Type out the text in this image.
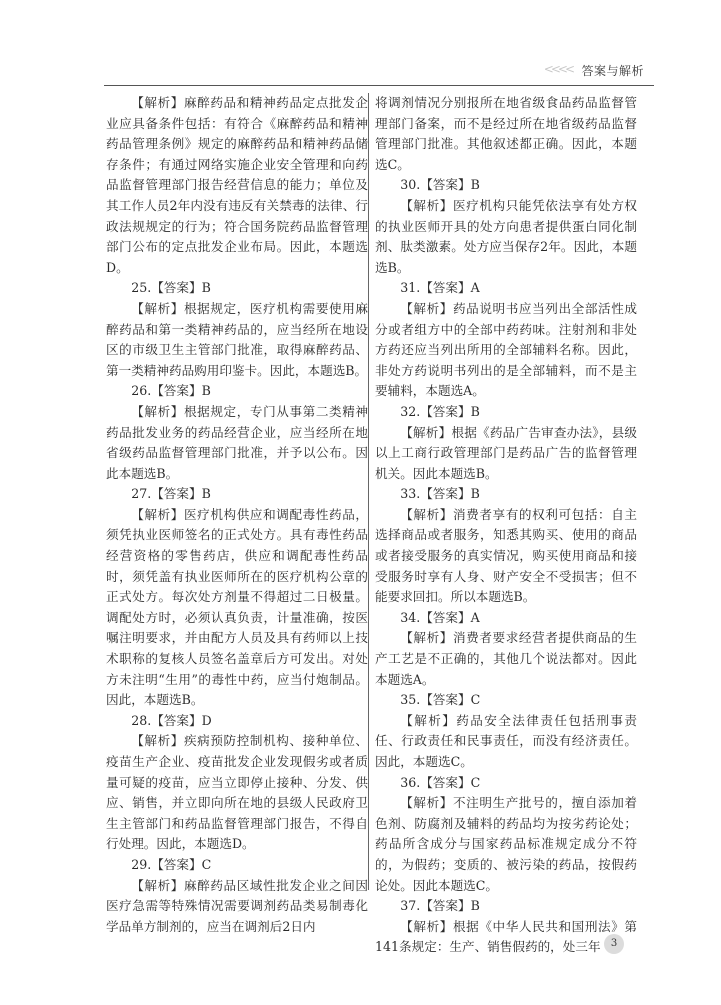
<<<< 答案与解析

【解析】麻醉药品和精神药品定点批发企业应具备条件包括：有符合《麻醉药品和精神药品管理条例》规定的麻醉药品和精神药品储存条件；有通过网络实施企业安全管理和向药品监督管理部门报告经营信息的能力；单位及其工作人员2年内没有违反有关禁毒的法律、行政法规规定的行为；符合国务院药品监督管理部门公布的定点批发企业布局。因此，本题选D。

25.【答案】B

【解析】根据规定，医疗机构需要使用麻醉药品和第一类精神药品的，应当经所在地设区的市级卫生主管部门批准，取得麻醉药品、第一类精神药品购用印鉴卡。因此，本题选B。

26.【答案】B

【解析】根据规定，专门从事第二类精神药品批发业务的药品经营企业，应当经所在地省级药品监督管理部门批准，并予以公布。因此本题选B。

27.【答案】B

【解析】医疗机构供应和调配毒性药品，须凭执业医师签名的正式处方。具有毒性药品经营资格的零售药店，供应和调配毒性药品时，须凭盖有执业医师所在的医疗机构公章的正式处方。每次处方剂量不得超过二日极量。调配处方时，必须认真负责，计量准确，按医嘱注明要求，并由配方人员及具有药师以上技术职称的复核人员签名盖章后方可发出。对处方未注明“生用”的毒性中药，应当付炮制品。因此，本题选B。

28.【答案】D

【解析】疾病预防控制机构、接种单位、疫苗生产企业、疫苗批发企业发现假劣或者质量可疑的疫苗，应当立即停止接种、分发、供应、销售，并立即向所在地的县级人民政府卫生主管部门和药品监督管理部门报告，不得自行处理。因此，本题选D。

29.【答案】C

【解析】麻醉药品区域性批发企业之间因医疗急需等特殊情况需要调剂药品类易制毒化学品单方制剂的，应当在调剂后2日内

将调剂情况分别报所在地省级食品药品监督管理部门备案，而不是经过所在地省级药品监督管理部门批准。其他叙述都正确。因此，本题选C。

30.【答案】B

【解析】医疗机构只能凭依法享有处方权的执业医师开具的处方向患者提供蛋白同化制剂、肽类激素。处方应当保存2年。因此，本题选B。

31.【答案】A

【解析】药品说明书应当列出全部活性成分或者组方中的全部中药药味。注射剂和非处方药还应当列出所用的全部辅料名称。因此，非处方药说明书列出的是全部辅料，而不是主要辅料，本题选A。

32.【答案】B

【解析】根据《药品广告审查办法》，县级以上工商行政管理部门是药品广告的监督管理机关。因此本题选B。

33.【答案】B

【解析】消费者享有的权利可包括：自主选择商品或者服务，知悉其购买、使用的商品或者接受服务的真实情况，购买使用商品和接受服务时享有人身、财产安全不受损害；但不能要求回扣。所以本题选B。

34.【答案】A

【解析】消费者要求经营者提供商品的生产工艺是不正确的，其他几个说法都对。因此本题选A。

35.【答案】C

【解析】药品安全法律责任包括刑事责任、行政责任和民事责任，而没有经济责任。因此，本题选C。

36.【答案】C

【解析】不注明生产批号的，擅自添加着色剂、防腐剂及辅料的药品均为按劣药论处；药品所含成分与国家药品标准规定成分不符的，为假药；变质的、被污染的药品，按假药论处。因此本题选C。

37.【答案】B

【解析】根据《中华人民共和国刑法》第141条规定：生产、销售假药的，处三年	3
